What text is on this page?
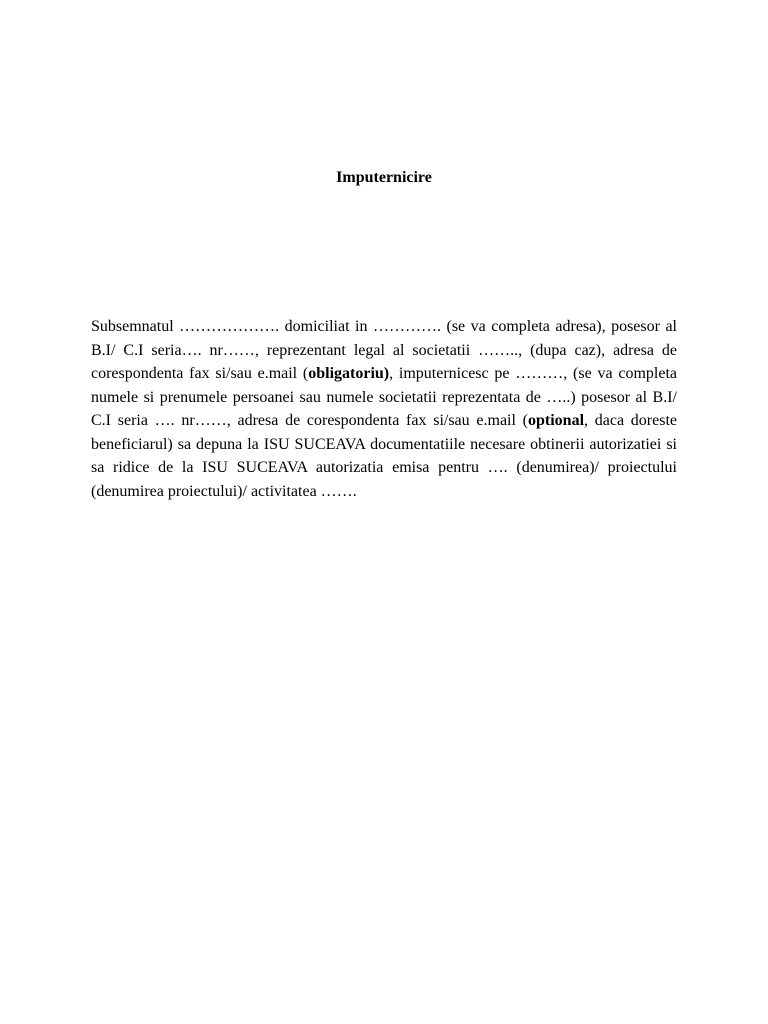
Imputernicire

Subsemnatul ………………. domiciliat in …………. (se va completa adresa), posesor al B.I/ C.I seria…. nr……, reprezentant legal al societatii …….., (dupa caz), adresa de corespondenta fax si/sau e.mail (obligatoriu), imputernicesc pe ………, (se va completa numele si prenumele persoanei sau numele societatii reprezentata de …..) posesor al B.I/ C.I seria …. nr……, adresa de corespondenta fax si/sau e.mail (optional, daca doreste beneficiarul) sa depuna la ISU SUCEAVA documentatiile necesare obtinerii autorizatiei si sa ridice de la ISU SUCEAVA autorizatia emisa pentru …. (denumirea)/ proiectului (denumirea proiectului)/ activitatea …….
